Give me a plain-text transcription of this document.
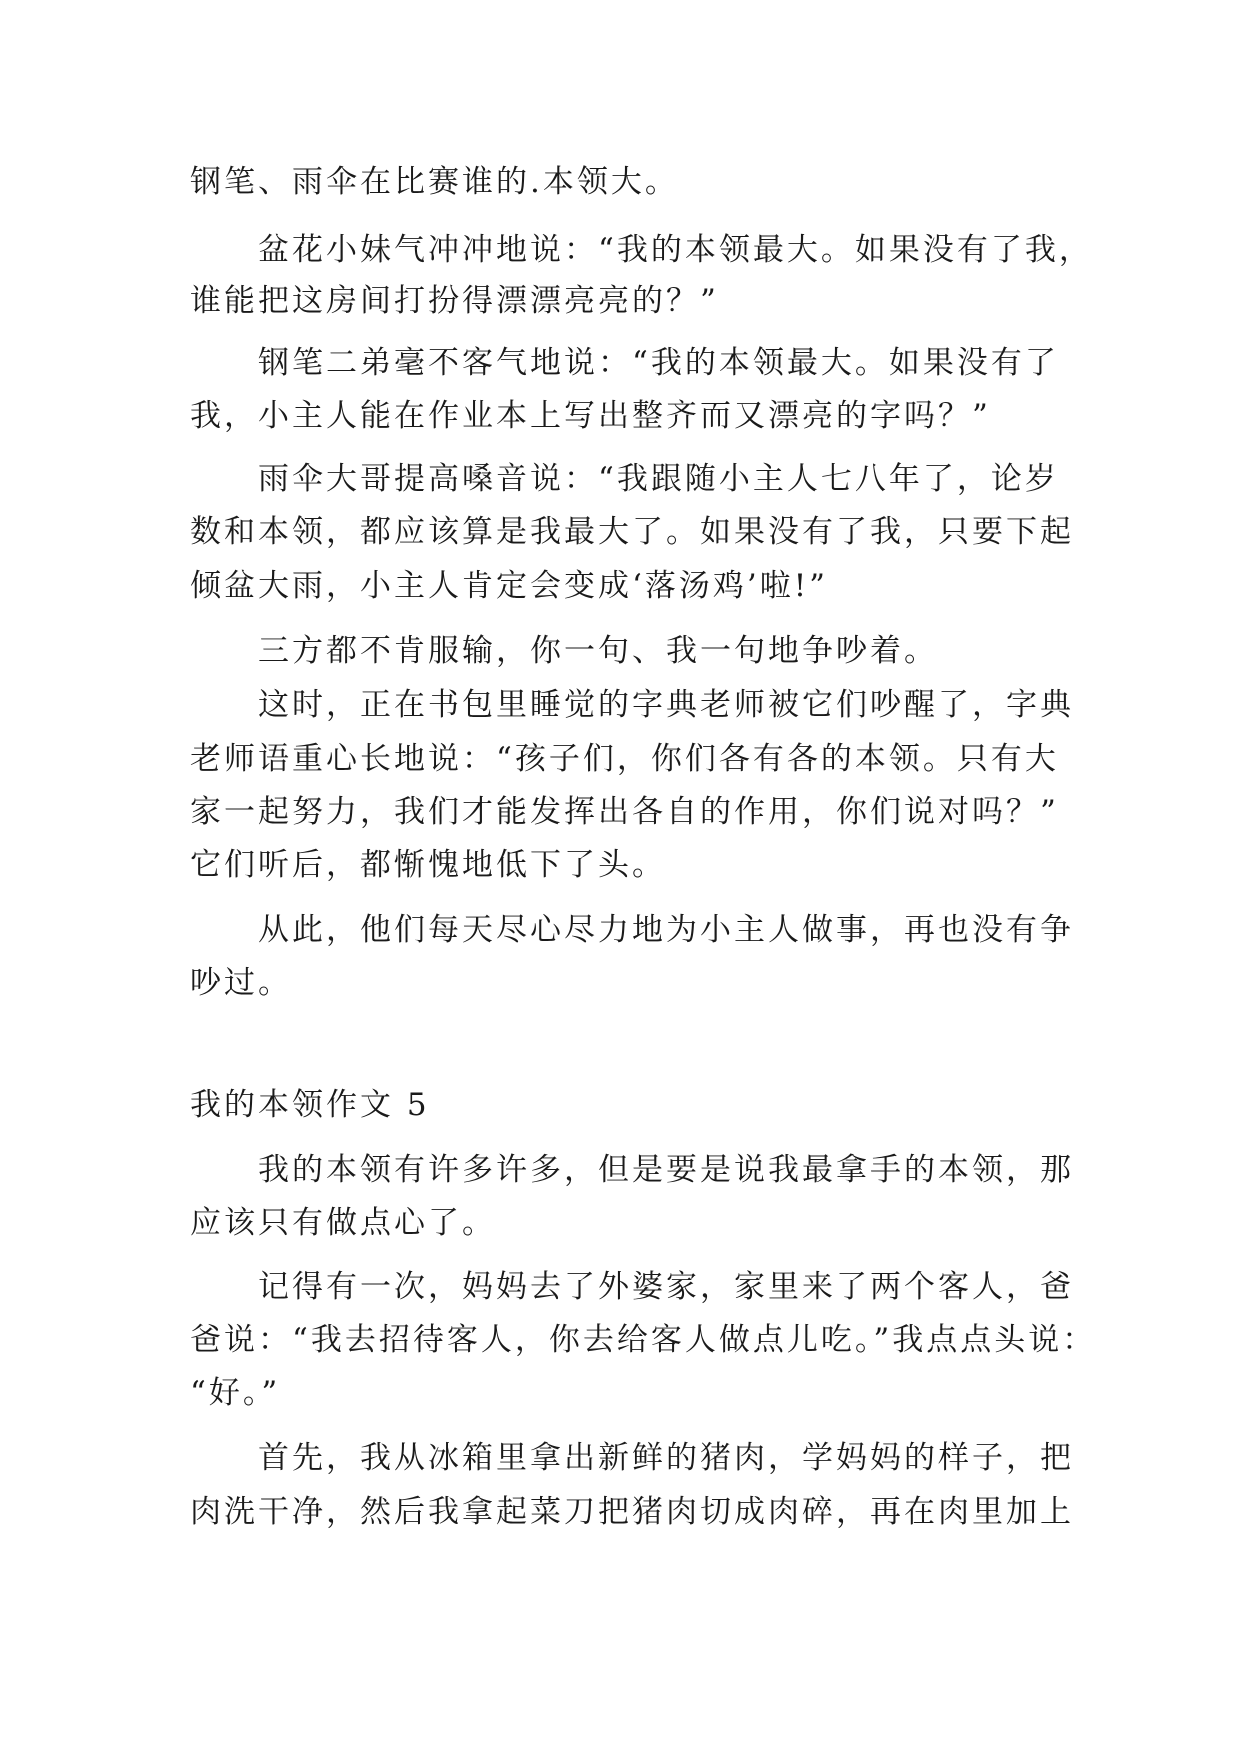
钢笔、雨伞在比赛谁的.本领大。
盆花小妹气冲冲地说：“我的本领最大。如果没有了我，
谁能把这房间打扮得漂漂亮亮的？”
钢笔二弟毫不客气地说：“我的本领最大。如果没有了
我，小主人能在作业本上写出整齐而又漂亮的字吗？”
雨伞大哥提高嗓音说：“我跟随小主人七八年了，论岁
数和本领，都应该算是我最大了。如果没有了我，只要下起
倾盆大雨，小主人肯定会变成‘落汤鸡’啦!”
三方都不肯服输，你一句、我一句地争吵着。
这时，正在书包里睡觉的字典老师被它们吵醒了，字典
老师语重心长地说：“孩子们，你们各有各的本领。只有大
家一起努力，我们才能发挥出各自的作用，你们说对吗？”
它们听后，都惭愧地低下了头。
从此，他们每天尽心尽力地为小主人做事，再也没有争
吵过。
我的本领作文 5
我的本领有许多许多，但是要是说我最拿手的本领，那
应该只有做点心了。
记得有一次，妈妈去了外婆家，家里来了两个客人，爸
爸说：“我去招待客人，你去给客人做点儿吃。”我点点头说：
“好。”
首先，我从冰箱里拿出新鲜的猪肉，学妈妈的样子，把
肉洗干净，然后我拿起菜刀把猪肉切成肉碎，再在肉里加上
